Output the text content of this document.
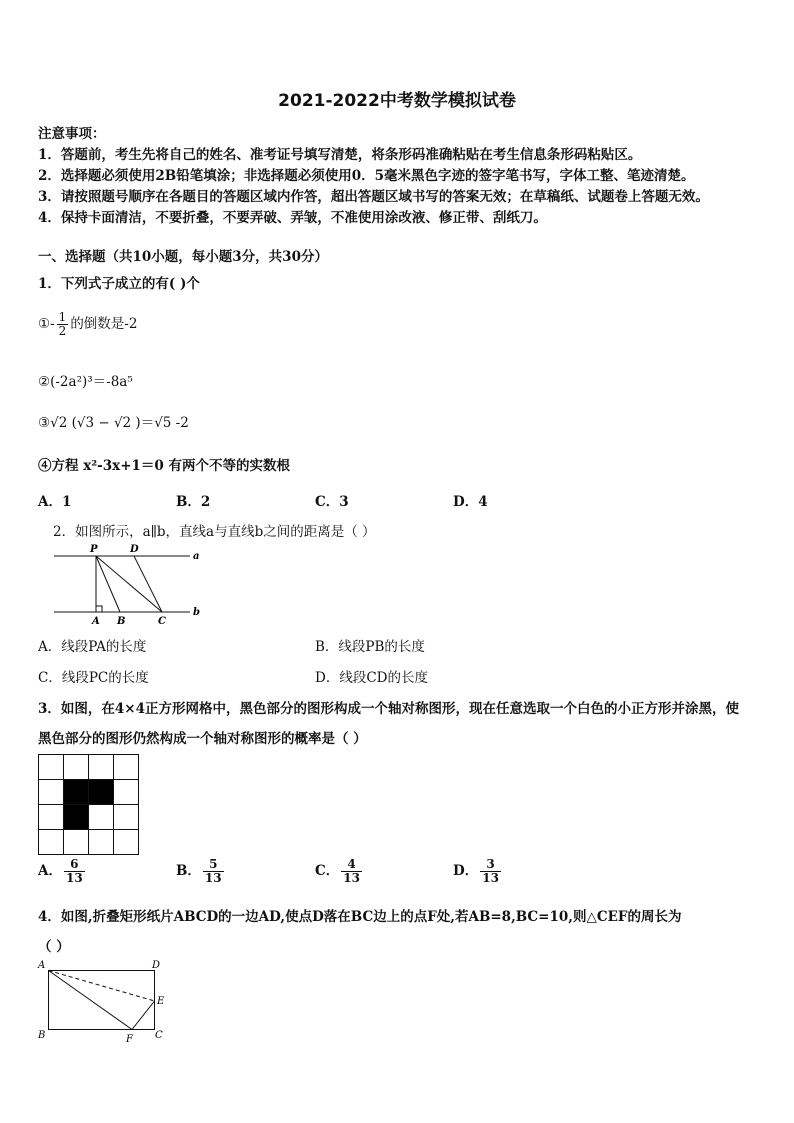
2021-2022中考数学模拟试卷
注意事项：
1．答题前，考生先将自己的姓名、准考证号填写清楚，将条形码准确粘贴在考生信息条形码粘贴区。
2．选择题必须使用2B铅笔填涂；非选择题必须使用0．5毫米黑色字迹的签字笔书写，字体工整、笔迹清楚。
3．请按照题号顺序在各题目的答题区域内作答，超出答题区域书写的答案无效；在草稿纸、试题卷上答题无效。
4．保持卡面清洁，不要折叠，不要弄破、弄皱，不准使用涂改液、修正带、刮纸刀。
一、选择题（共10小题，每小题3分，共30分）
1．下列式子成立的有( )个
①- $\frac{1}{2}$ 的倒数是-2
②(-2a²)³＝-8a⁵
③√2 (√3 − √2 )＝√5 -2
④方程 x²-3x+1＝0 有两个不等的实数根
A．1	B．2	C．3	D．4
2．如图所示，a∥b，直线a与直线b之间的距离是（ ）
P	D
a
A B	C
b
A．线段PA的长度	B．线段PB的长度
C．线段PC的长度	D．线段CD的长度
3．如图，在4×4正方形网格中，黑色部分的图形构成一个轴对称图形，现在任意选取一个白色的小正方形并涂黑，使
黑色部分的图形仍然构成一个轴对称图形的概率是（ ）
A． $\frac{6}{13}$	B． $\frac{5}{13}$	C． $\frac{4}{13}$	D． $\frac{3}{13}$
4．如图,折叠矩形纸片ABCD的一边AD,使点D落在BC边上的点F处,若AB=8,BC=10,则△CEF的周长为
（ ）
A	D
E
B	F C
